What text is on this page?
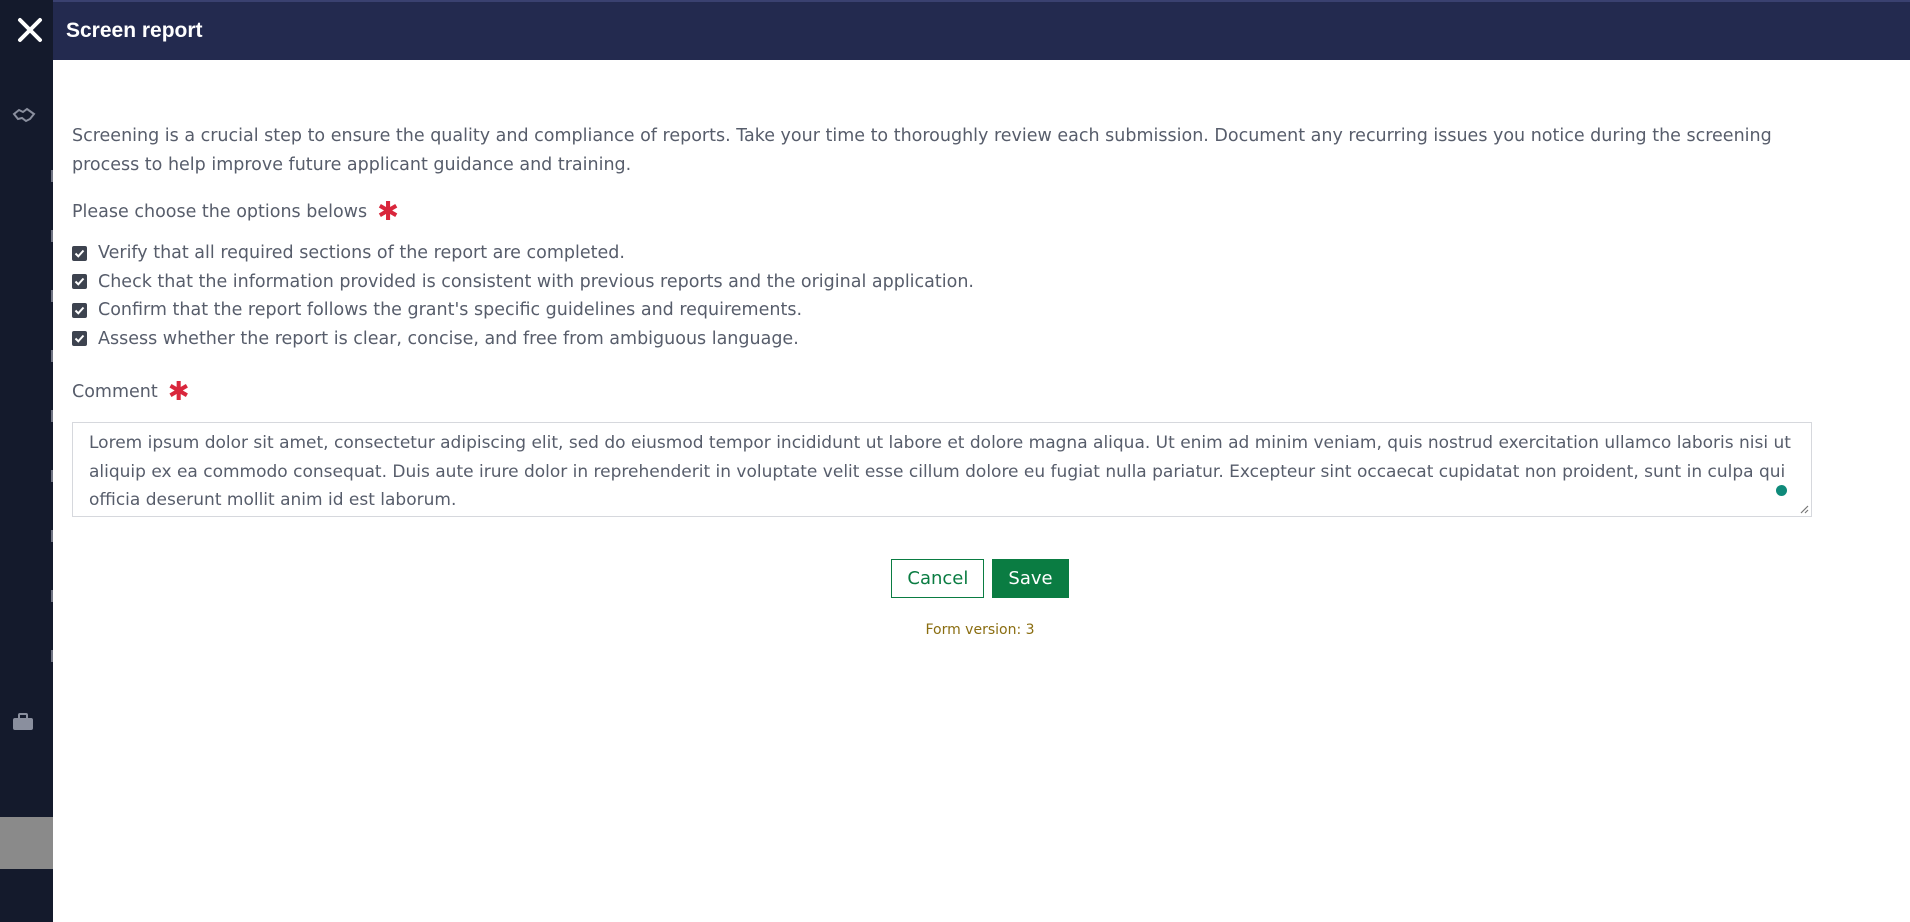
Screen report

Screening is a crucial step to ensure the quality and compliance of reports. Take your time to thoroughly review each submission. Document any recurring issues you notice during the screening process to help improve future applicant guidance and training.

Please choose the options belows ✱
Verify that all required sections of the report are completed.
Check that the information provided is consistent with previous reports and the original application.
Confirm that the report follows the grant's specific guidelines and requirements.
Assess whether the report is clear, concise, and free from ambiguous language.
Comment ✱
Lorem ipsum dolor sit amet, consectetur adipiscing elit, sed do eiusmod tempor incididunt ut labore et dolore magna aliqua. Ut enim ad minim veniam, quis nostrud exercitation ullamco laboris nisi ut aliquip ex ea commodo consequat. Duis aute irure dolor in reprehenderit in voluptate velit esse cillum dolore eu fugiat nulla pariatur. Excepteur sint occaecat cupidatat non proident, sunt in culpa qui officia deserunt mollit anim id est laborum.
Cancel	Save
Form version: 3
